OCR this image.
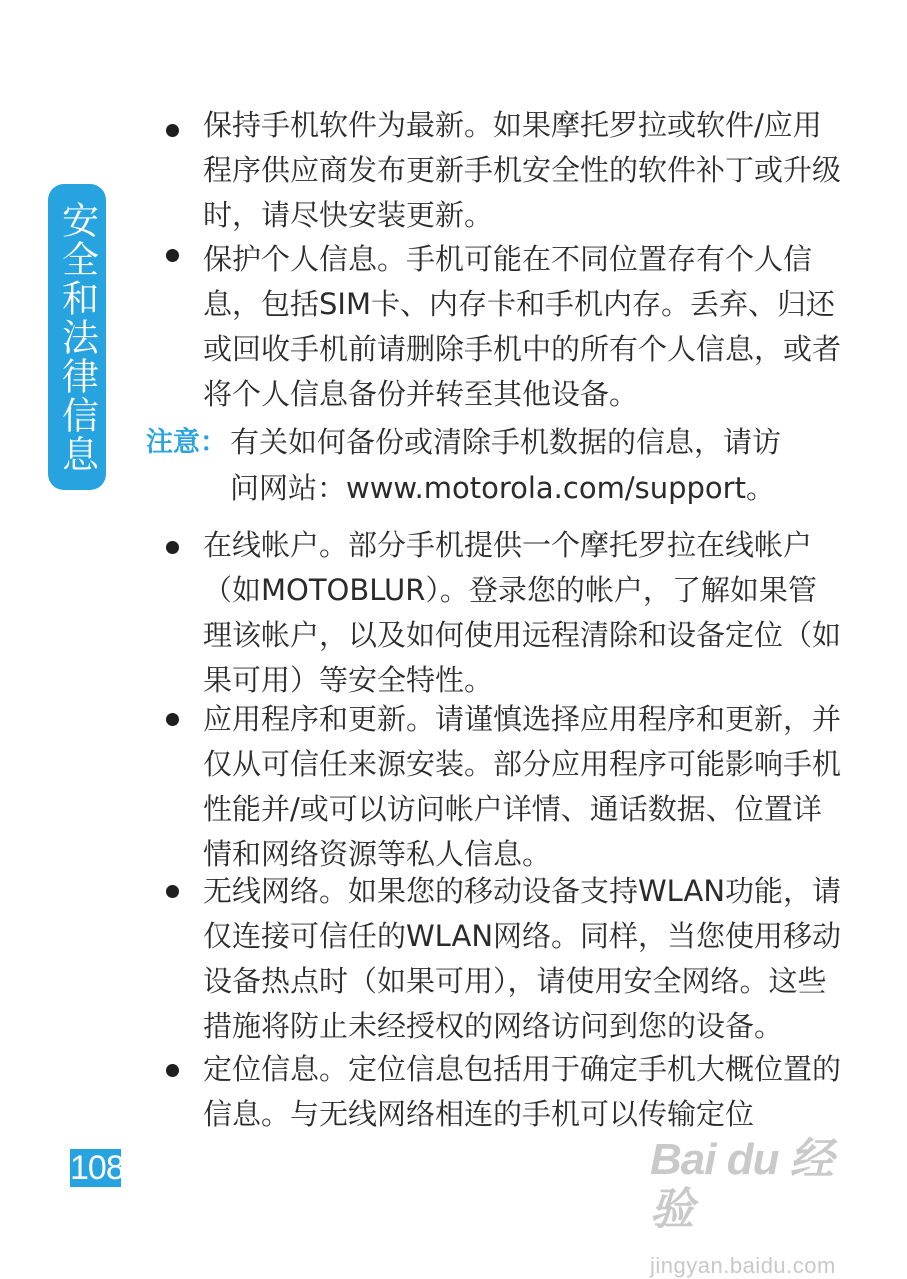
安全和法律信息
保持手机软件为最新。如果摩托罗拉或软件/应用程序供应商发布更新手机安全性的软件补丁或升级时，请尽快安装更新。
保护个人信息。手机可能在不同位置存有个人信息，包括SIM卡、内存卡和手机内存。丢弃、归还或回收手机前请删除手机中的所有个人信息，或者将个人信息备份并转至其他设备。
注意： 有关如何备份或清除手机数据的信息，请访
问网站：www.motorola.com/support。
在线帐户。部分手机提供一个摩托罗拉在线帐户（如MOTOBLUR）。登录您的帐户，了解如果管理该帐户，以及如何使用远程清除和设备定位（如果可用）等安全特性。
应用程序和更新。请谨慎选择应用程序和更新，并仅从可信任来源安装。部分应用程序可能影响手机性能并/或可以访问帐户详情、通话数据、位置详情和网络资源等私人信息。
无线网络。如果您的移动设备支持WLAN功能，请仅连接可信任的WLAN网络。同样，当您使用移动设备热点时（如果可用），请使用安全网络。这些措施将防止未经授权的网络访问到您的设备。
定位信息。定位信息包括用于确定手机大概位置的信息。与无线网络相连的手机可以传输定位
108	Bai du 经验
jingyan.baidu.com
